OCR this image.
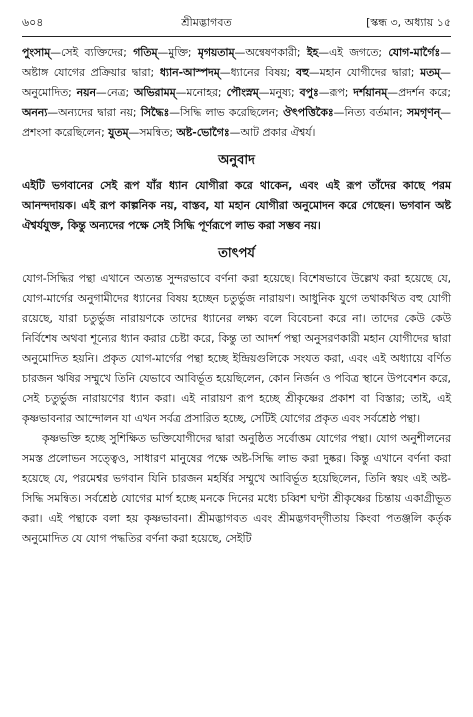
৬০৪	শ্রীমদ্ভাগবত	[স্কন্ধ ৩, অধ্যায় ১৫
পুংসাম্—সেই ব্যক্তিদের; গতিম্—মুক্তি; মৃগয়তাম্—অন্বেষণকারী; ইহ—এই জগতে; যোগ-মার্গৈঃ—অষ্টাঙ্গ যোগের প্রক্রিয়ার দ্বারা; ধ্যান-আস্পদম্—ধ্যানের বিষয়; বহু—মহান যোগীদের দ্বারা; মতম্—অনুমোদিত; নয়ন—নেত্র; অভিরামম্—মনোহর; পৌংস্নম্—মনুষ্য; বপুঃ—রূপ; দর্শয়ানম্—প্রদর্শন করে; অনন্য—অন্যদের দ্বারা নয়; সিদ্ধৈঃ—সিদ্ধি লাভ করেছিলেন; ঔৎপত্তিকৈঃ—নিত্য বর্তমান; সমগৃণন্—প্রশংসা করেছিলেন; যুতম্—সমন্বিত; অষ্ট-ভোগৈঃ—আট প্রকার ঐশ্বর্য।
অনুবাদ

এইটি ভগবানের সেই রূপ যাঁর ধ্যান যোগীরা করে থাকেন, এবং এই রূপ তাঁদের কাছে পরম আনন্দদায়ক। এই রূপ কাল্পনিক নয়, বাস্তব, যা মহান যোগীরা অনুমোদন করে গেছেন। ভগবান অষ্ট ঐশ্বর্যযুক্ত, কিন্তু অন্যদের পক্ষে সেই সিদ্ধি পূর্ণরূপে লাভ করা সম্ভব নয়।

তাৎপর্য

যোগ-সিদ্ধির পন্থা এখানে অত্যন্ত সুন্দরভাবে বর্ণনা করা হয়েছে। বিশেষভাবে উল্লেখ করা হয়েছে যে, যোগ-মার্গের অনুগামীদের ধ্যানের বিষয় হচ্ছেন চতুর্ভুজ নারায়ণ। আধুনিক যুগে তথাকথিত বহু যোগী রয়েছে, যারা চতুর্ভুজ নারায়ণকে তাদের ধ্যানের লক্ষ্য বলে বিবেচনা করে না। তাদের কেউ কেউ নির্বিশেষ অথবা শূন্যের ধ্যান করার চেষ্টা করে, কিন্তু তা আদর্শ পন্থা অনুসরণকারী মহান যোগীদের দ্বারা অনুমোদিত হয়নি। প্রকৃত যোগ-মার্গের পন্থা হচ্ছে ইন্দ্রিয়গুলিকে সংযত করা, এবং এই অধ্যায়ে বর্ণিত চারজন ঋষির সম্মুখে তিনি যেভাবে আবির্ভূত হয়েছিলেন, কোন নির্জন ও পবিত্র স্থানে উপবেশন করে, সেই চতুর্ভুজ নারায়ণের ধ্যান করা। এই নারায়ণ রূপ হচ্ছে শ্রীকৃষ্ণের প্রকাশ বা বিস্তার; তাই, এই কৃষ্ণভাবনার আন্দোলন যা এখন সর্বত্র প্রসারিত হচ্ছে, সেটিই যোগের প্রকৃত এবং সর্বশ্রেষ্ঠ পন্থা।

কৃষ্ণভক্তি হচ্ছে সুশিক্ষিত ভক্তিযোগীদের দ্বারা অনুষ্ঠিত সর্বোত্তম যোগের পন্থা। যোগ অনুশীলনের সমস্ত প্রলোভন সত্ত্বেও, সাধারণ মানুষের পক্ষে অষ্ট-সিদ্ধি লাভ করা দুষ্কর। কিন্তু এখানে বর্ণনা করা হয়েছে যে, পরমেশ্বর ভগবান যিনি চারজন মহর্ষির সম্মুখে আবির্ভূত হয়েছিলেন, তিনি স্বয়ং এই অষ্ট-সিদ্ধি সমন্বিত। সর্বশ্রেষ্ঠ যোগের মার্গ হচ্ছে মনকে দিনের মধ্যে চব্বিশ ঘণ্টা শ্রীকৃষ্ণের চিন্তায় একাগ্রীভূত করা। এই পন্থাকে বলা হয় কৃষ্ণভাবনা। শ্রীমদ্ভাগবত এবং শ্রীমদ্ভগবদ্‌গীতায় কিংবা পতঞ্জলি কর্তৃক অনুমোদিত যে যোগ পদ্ধতির বর্ণনা করা হয়েছে, সেইটি
